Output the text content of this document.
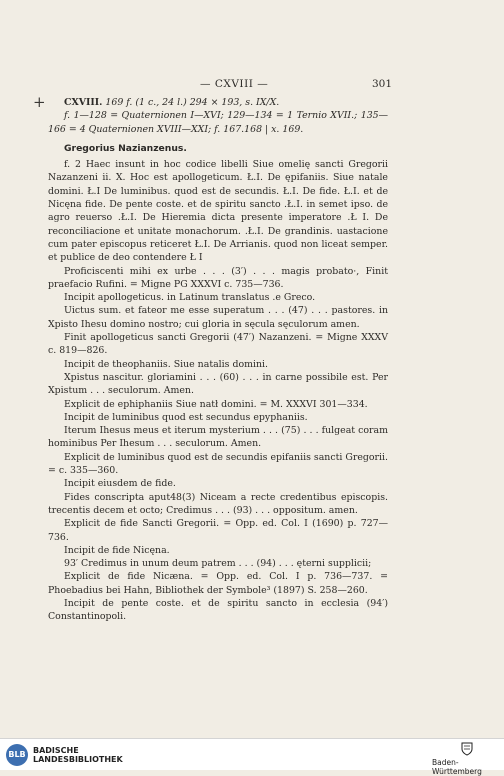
— CXVIII —	301
+	CXVIII. 169 f. (1 c., 24 l.) 294 × 193, s. IX/X.

f. 1—128 = Quaternionen I—XVI; 129—134 = 1 Ternio XVII.; 135—166 = 4 Quaternionen XVIII—XXI; f. 167.168 | x. 169.

Gregorius Nazianzenus.

f. 2 Haec insunt in hoc codice libelli Siue omelię sancti Gregorii Nazanzeni ii. X. Hoc est apollogeticum. Ł.I. De ępifaniis. Siue natale domini. Ł.I De luminibus. quod est de secundis. Ł.I. De fide. Ł.I. et de Nicęna fide. De pente coste. et de spiritu sancto .Ł.I. in semet ipso. de agro reuerso .Ł.I. De Hieremia dicta presente imperatore .Ł I. De reconciliacione et unitate monachorum. .Ł.I. De grandinis. uastacione cum pater episcopus reticeret Ł.I. De Arrianis. quod non liceat semper. et publice de deo contendere Ł I

Proficiscenti mihi ex urbe . . . (3′) . . . magis probato·, Finit praefacio Rufini. = Migne PG XXXVI c. 735—736.

Incipit apollogeticus. in Latinum translatus .e Greco.

Uictus sum. et fateor me esse superatum . . . (47) . . . pastores. in Xpisto Ihesu domino nostro; cui gloria in sęcula sęculorum amen.

Finit apollogeticus sancti Gregorii (47′) Nazanzeni. = Migne XXXV c. 819—826.

Incipit de theophaniis. Siue natalis domini.

Xpistus nascitur. gloriamini . . . (60) . . . in carne possibile est. Per Xpistum . . . seculorum. Amen.

Explicit de ephiphaniis Siue natł domini. = M. XXXVI 301—334.

Incipit de luminibus quod est secundus epyphaniis.

Iterum Ihesus meus et iterum mysterium . . . (75) . . . fulgeat coram hominibus Per Ihesum . . . seculorum. Amen.

Explicit de luminibus quod est de secundis epifaniis sancti Gregorii. = c. 335—360.

Incipit eiusdem de fide.

Fides conscripta aput48(3) Niceam a recte credentibus episcopis. trecentis decem et octo; Credimus . . . (93) . . . oppositum. amen.

Explicit de fide Sancti Gregorii. = Opp. ed. Col. I (1690) p. 727—736.

Incipit de fide Nicęna.

93′ Credimus in unum deum patrem . . . (94) . . . ęterni supplicii;

Explicit de fide Nicæna. = Opp. ed. Col. I p. 736—737. = Phoebadius bei Hahn, Bibliothek der Symbole³ (1897) S. 258—260.

Incipit de pente coste. et de spiritu sancto in ecclesia (94′) Constantinopoli.

BLB BADISCHE
LANDESBIBLIOTHEK	Baden-Württemberg
